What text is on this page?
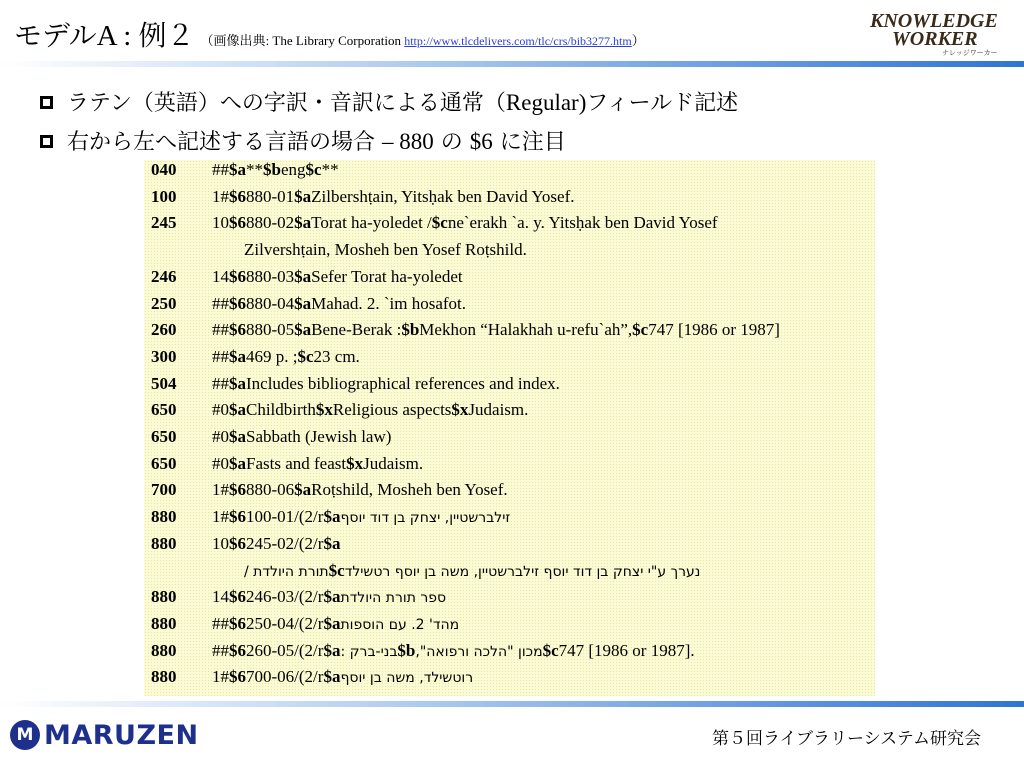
モデルA : 例２ （画像出典: The Library Corporation http://www.tlcdelivers.com/tlc/crs/bib3277.htm）
KNOWLEDGE
WORKER
ナレッジワーカー
ラテン（英語）への字訳・音訳による通常（Regular)フィールド記述
右から左へ記述する言語の場合 – 880 の $6 に注目
040 ##$a**$beng$c**
100 1#$6880-01$aZilbershṭain, Yitsḥak ben David Yosef.
245 10$6880-02$aTorat ha-yoledet /$cne`erakh `a. y. Yitsḥak ben David Yosef
Zilvershṭain, Mosheh ben Yosef Roṭshild.
246 14$6880-03$aSefer Torat ha-yoledet
250 ##$6880-04$aMahad. 2. `im hosafot.
260 ##$6880-05$aBene-Berak :$bMekhon “Halakhah u-refu`ah”,$c747 [1986 or 1987]
300 ##$a469 p. ;$c23 cm.
504 ##$aIncludes bibliographical references and index.
650 #0$aChildbirth$xReligious aspects$xJudaism.
650 #0$aSabbath (Jewish law)
650 #0$aFasts and feast$xJudaism.
700 1#$6880-06$aRoṭshild, Mosheh ben Yosef.
880 1#$6100-01/(2/r$aזילברשטיין, יצחק בן דוד יוסף
880 10$6245-02/(2/r$a
תורת היולדת /$cנערך ע"י יצחק בן דוד יוסף זילברשטיין, משה בן יוסף רטשילד
880 14$6246-03/(2/r$aספר תורת היולדת
880 ##$6250-04/(2/r$aמהד' 2. עם הוספות
880 ##$6260-05/(2/r$aבני-ברק :$bמכון "הלכה ורפואה",$c747 [1986 or 1987].
880 1#$6700-06/(2/r$aרוטשילד, משה בן יוסף
M MARUZEN	第５回ライブラリーシステム研究会
